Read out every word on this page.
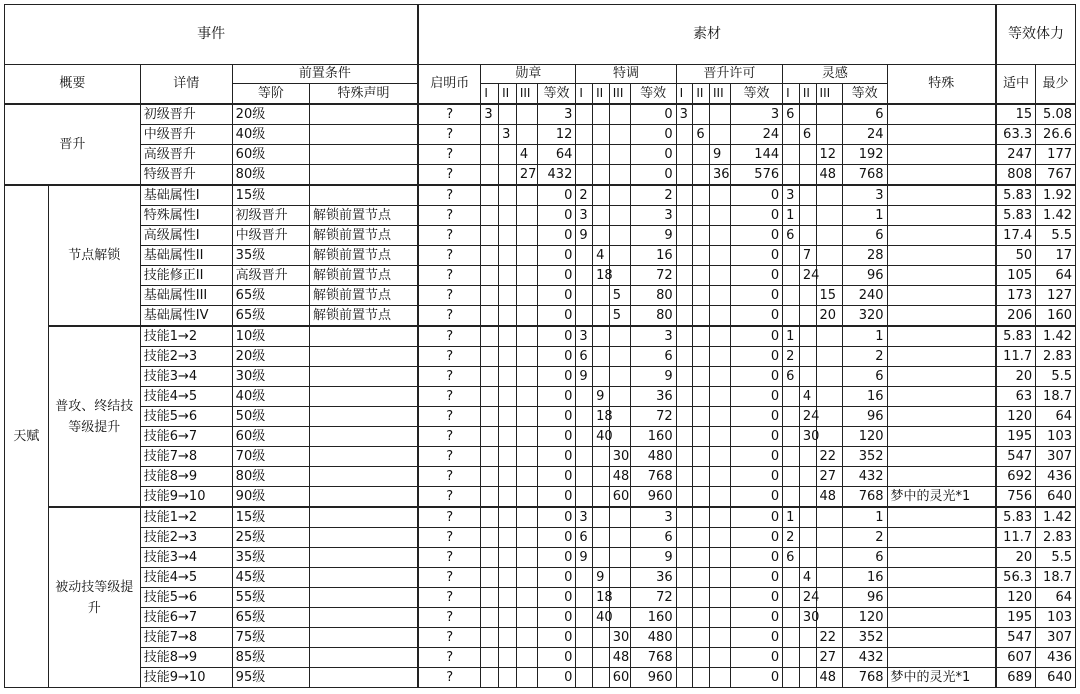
事件					素材																		等效体力	
概要		详情	前置条件		启明币	勋章				特调				晋升许可				灵感				特殊	适中	最少
			等阶	特殊声明		I	II	III	等效	I	II	III	等效	I	II	III	等效	I	II	III	等效			
晋升		初级晋升	20级		?	3			3				0	3			3	6			6		15	5.08
		中级晋升	40级		?		3		12				0		6		24		6		24		63.3	26.6
		高级晋升	60级		?			4	64				0			9	144			12	192		247	177
		特级晋升	80级		?			27	432				0			36	576			48	768		808	767
天赋	节点解锁	基础属性I	15级		?				0	2			2				0	3			3		5.83	1.92
		特殊属性I	初级晋升	解锁前置节点	?				0	3			3				0	1			1		5.83	1.42
		高级属性I	中级晋升	解锁前置节点	?				0	9			9				0	6			6		17.4	5.5
		基础属性II	35级	解锁前置节点	?				0		4		16				0		7		28		50	17
		技能修正II	高级晋升	解锁前置节点	?				0		18		72				0		24		96		105	64
		基础属性III	65级	解锁前置节点	?				0			5	80				0			15	240		173	127
		基础属性IV	65级	解锁前置节点	?				0			5	80				0			20	320		206	160
	普攻、终结技等级提升	技能1→2	10级		?				0	3			3				0	1			1		5.83	1.42
		技能2→3	20级		?				0	6			6				0	2			2		11.7	2.83
		技能3→4	30级		?				0	9			9				0	6			6		20	5.5
		技能4→5	40级		?				0		9		36				0		4		16		63	18.7
		技能5→6	50级		?				0		18		72				0		24		96		120	64
		技能6→7	60级		?				0		40		160				0		30		120		195	103
		技能7→8	70级		?				0			30	480				0			22	352		547	307
		技能8→9	80级		?				0			48	768				0			27	432		692	436
		技能9→10	90级		?				0			60	960				0			48	768	梦中的灵光*1	756	640
	被动技等级提升	技能1→2	15级		?				0	3			3				0	1			1		5.83	1.42
		技能2→3	25级		?				0	6			6				0	2			2		11.7	2.83
		技能3→4	35级		?				0	9			9				0	6			6		20	5.5
		技能4→5	45级		?				0		9		36				0		4		16		56.3	18.7
		技能5→6	55级		?				0		18		72				0		24		96		120	64
		技能6→7	65级		?				0		40		160				0		30		120		195	103
		技能7→8	75级		?				0			30	480				0			22	352		547	307
		技能8→9	85级		?				0			48	768				0			27	432		607	436
		技能9→10	95级		?				0			60	960				0			48	768	梦中的灵光*1	689	640
